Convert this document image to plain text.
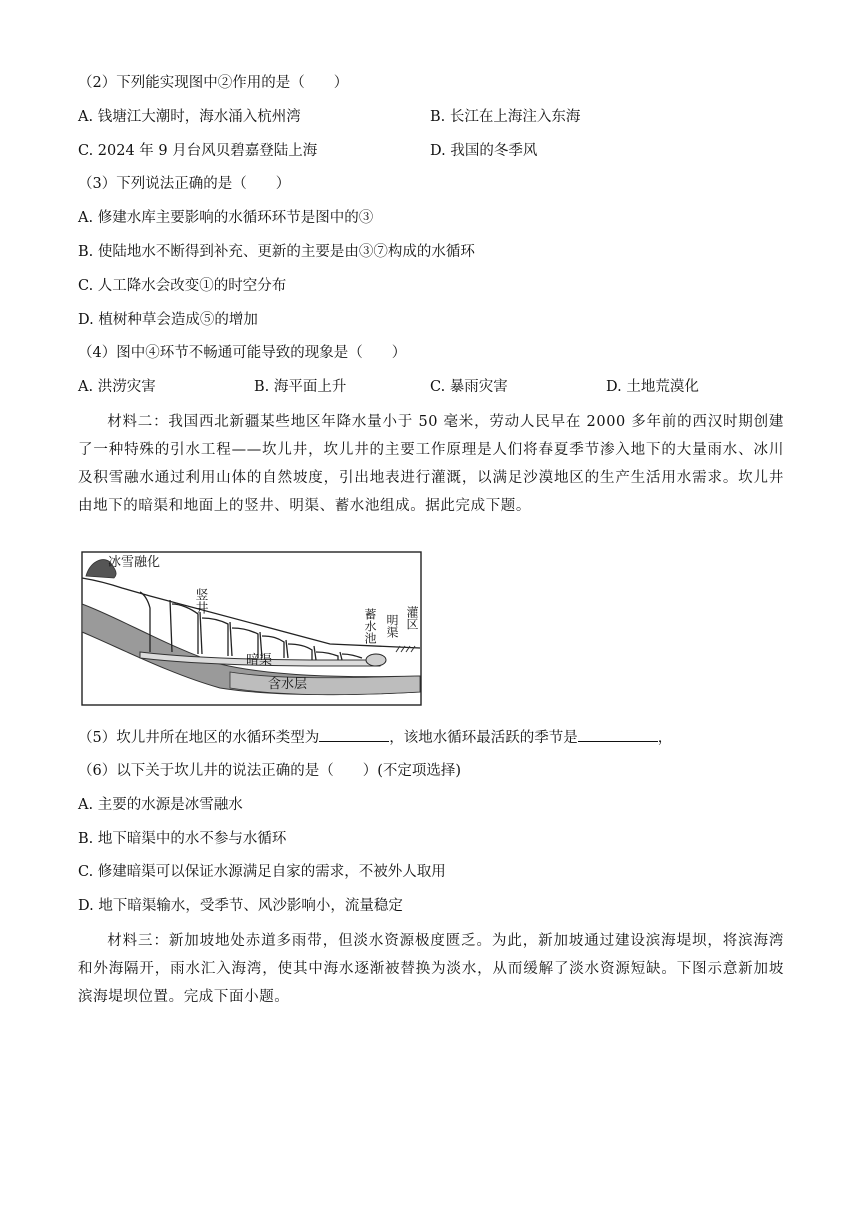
（2）下列能实现图中②作用的是（　　）
A. 钱塘江大潮时，海水涌入杭州湾	B. 长江在上海注入东海
C. 2024 年 9 月台风贝碧嘉登陆上海	D. 我国的冬季风
（3）下列说法正确的是（　　）
A. 修建水库主要影响的水循环环节是图中的③
B. 使陆地水不断得到补充、更新的主要是由③⑦构成的水循环
C. 人工降水会改变①的时空分布
D. 植树种草会造成⑤的增加
（4）图中④环节不畅通可能导致的现象是（　　）
A. 洪涝灾害	B. 海平面上升	C. 暴雨灾害	D. 土地荒漠化
材料二：我国西北新疆某些地区年降水量小于 50 毫米，劳动人民早在 2000 多年前的西汉时期创建了一种特殊的引水工程——坎儿井，坎儿井的主要工作原理是人们将春夏季节渗入地下的大量雨水、冰川及积雪融水通过利用山体的自然坡度，引出地表进行灌溉，以满足沙漠地区的生产生活用水需求。坎儿井由地下的暗渠和地面上的竖井、明渠、蓄水池组成。据此完成下题。
冰雪融化
竖井
蓄水池 明渠 灌区
暗渠
含水层
（5）坎儿井所在地区的水循环类型为	，该地水循环最活跃的季节是	，
（6）以下关于坎儿井的说法正确的是（　　）(不定项选择)
A. 主要的水源是冰雪融水
B. 地下暗渠中的水不参与水循环
C. 修建暗渠可以保证水源满足自家的需求，不被外人取用
D. 地下暗渠输水，受季节、风沙影响小，流量稳定
材料三：新加坡地处赤道多雨带，但淡水资源极度匮乏。为此，新加坡通过建设滨海堤坝，将滨海湾和外海隔开，雨水汇入海湾，使其中海水逐渐被替换为淡水，从而缓解了淡水资源短缺。下图示意新加坡滨海堤坝位置。完成下面小题。
